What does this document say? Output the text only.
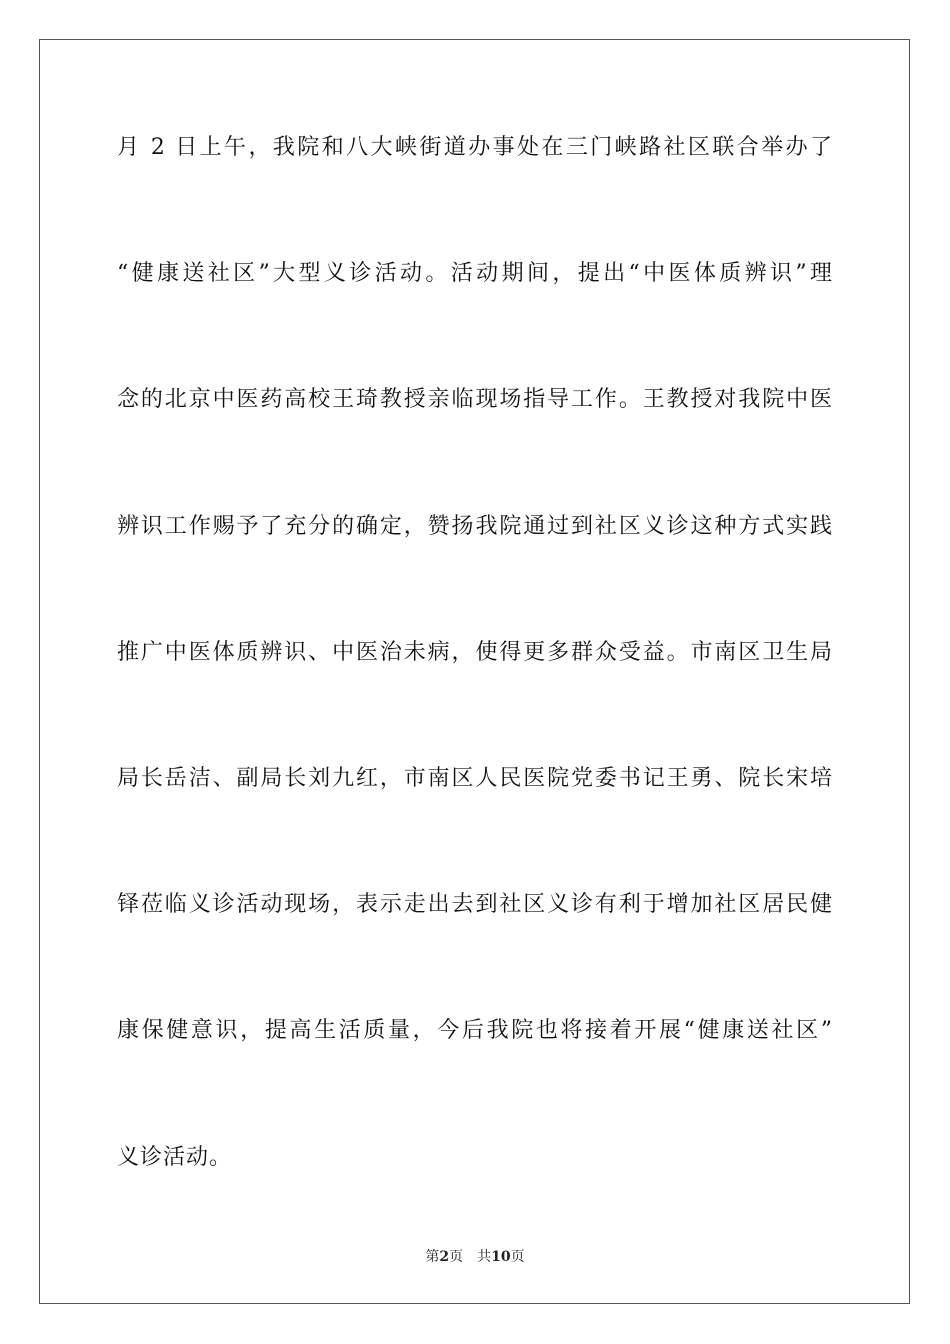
月 2 日上午，我院和八大峡街道办事处在三门峡路社区联合举办了
“健康送社区”大型义诊活动。活动期间，提出“中医体质辨识”理
念的北京中医药高校王琦教授亲临现场指导工作。王教授对我院中医
辨识工作赐予了充分的确定，赞扬我院通过到社区义诊这种方式实践
推广中医体质辨识、中医治未病，使得更多群众受益。市南区卫生局
局长岳洁、副局长刘九红，市南区人民医院党委书记王勇、院长宋培
铎莅临义诊活动现场，表示走出去到社区义诊有利于增加社区居民健
康保健意识，提高生活质量，今后我院也将接着开展“健康送社区”
义诊活动。
第2页 共10页
